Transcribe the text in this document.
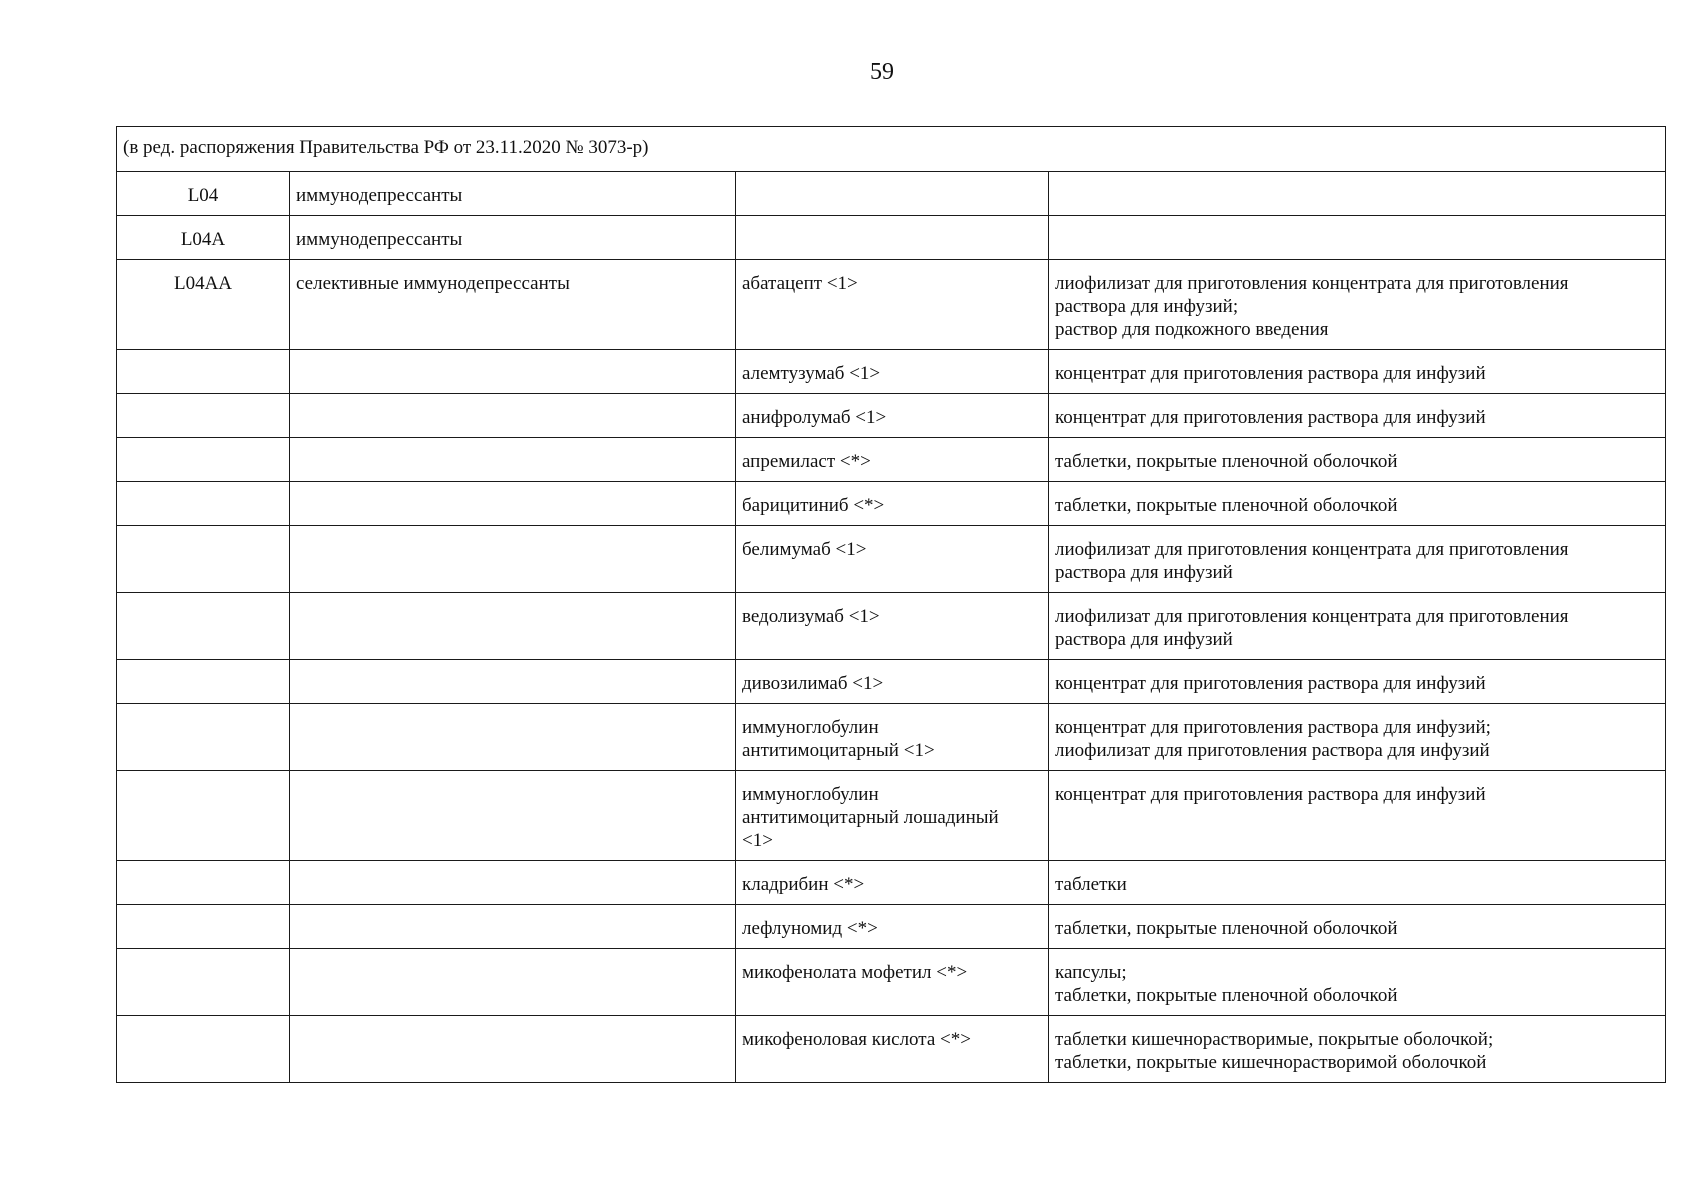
59
(в ред. распоряжения Правительства РФ от 23.11.2020 № 3073-р)			

L04	иммунодепрессанты		

L04A	иммунодепрессанты		

L04AA	селективные иммунодепрессанты	абатацепт <1>	лиофилизат для приготовления концентрата для приготовления
раствора для инфузий;
раствор для подкожного введения

		алемтузумаб <1>	концентрат для приготовления раствора для инфузий

		анифролумаб <1>	концентрат для приготовления раствора для инфузий

		апремиласт <*>	таблетки, покрытые пленочной оболочкой

		барицитиниб <*>	таблетки, покрытые пленочной оболочкой

		белимумаб <1>	лиофилизат для приготовления концентрата для приготовления
раствора для инфузий

		ведолизумаб <1>	лиофилизат для приготовления концентрата для приготовления
раствора для инфузий

		дивозилимаб <1>	концентрат для приготовления раствора для инфузий

		иммуноглобулин
антитимоцитарный <1>	концентрат для приготовления раствора для инфузий;
лиофилизат для приготовления раствора для инфузий

		иммуноглобулин
антитимоцитарный лошадиный
<1>	концентрат для приготовления раствора для инфузий

		кладрибин <*>	таблетки

		лефлуномид <*>	таблетки, покрытые пленочной оболочкой

		микофенолата мофетил <*>	капсулы;
таблетки, покрытые пленочной оболочкой

		микофеноловая кислота <*>	таблетки кишечнорастворимые, покрытые оболочкой;
таблетки, покрытые кишечнорастворимой оболочкой
